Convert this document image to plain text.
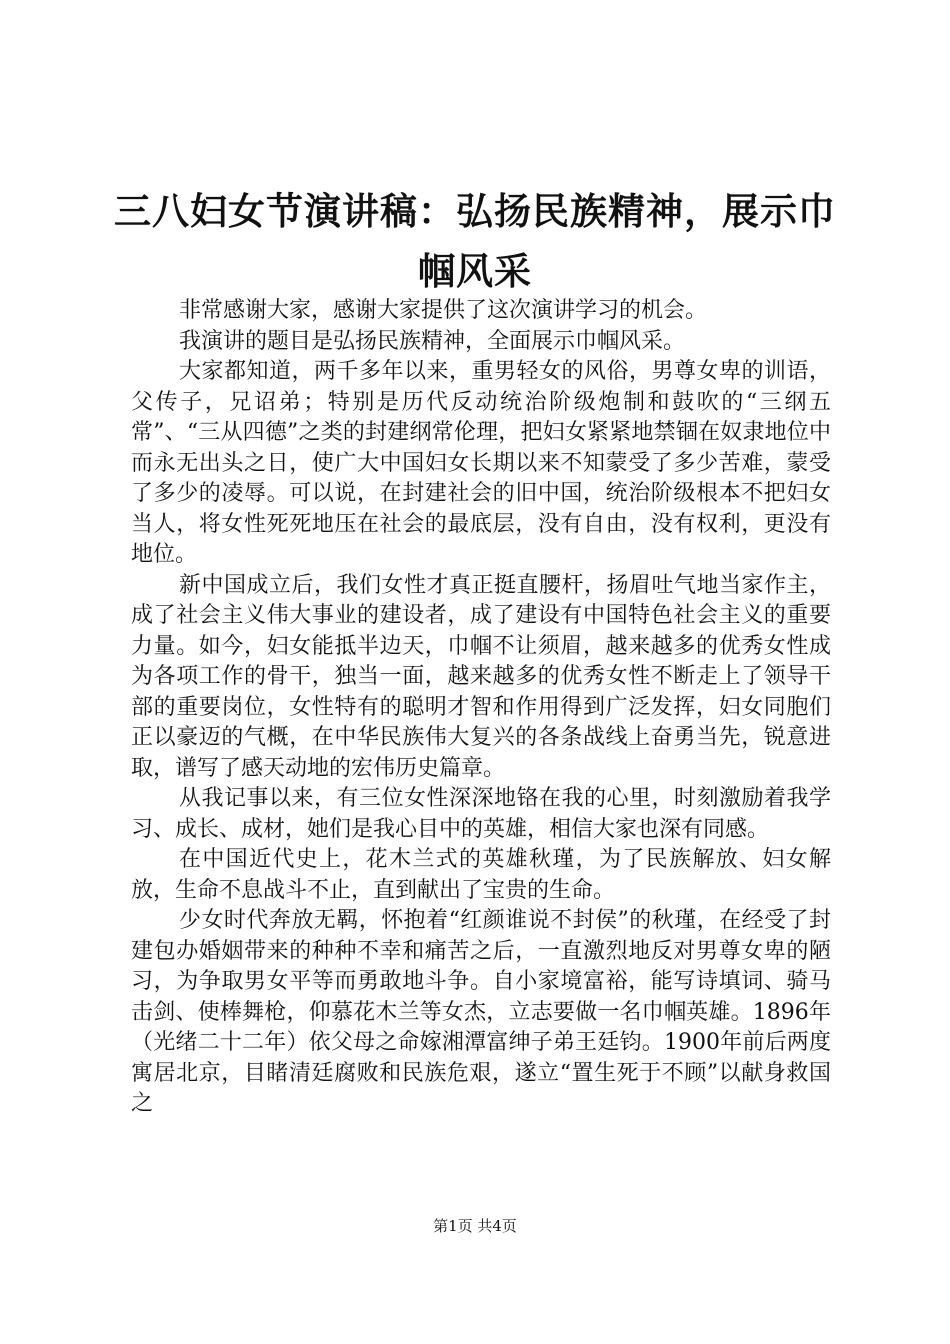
三八妇女节演讲稿：弘扬民族精神，展示巾帼风采

非常感谢大家，感谢大家提供了这次演讲学习的机会。

我演讲的题目是弘扬民族精神，全面展示巾帼风采。

大家都知道，两千多年以来，重男轻女的风俗，男尊女卑的训语，父传子，兄诏弟；特别是历代反动统治阶级炮制和鼓吹的“三纲五常”、“三从四德”之类的封建纲常伦理，把妇女紧紧地禁锢在奴隶地位中而永无出头之日，使广大中国妇女长期以来不知蒙受了多少苦难，蒙受了多少的凌辱。可以说，在封建社会的旧中国，统治阶级根本不把妇女当人，将女性死死地压在社会的最底层，没有自由，没有权利，更没有地位。

新中国成立后，我们女性才真正挺直腰杆，扬眉吐气地当家作主，成了社会主义伟大事业的建设者，成了建设有中国特色社会主义的重要力量。如今，妇女能抵半边天，巾帼不让须眉，越来越多的优秀女性成为各项工作的骨干，独当一面，越来越多的优秀女性不断走上了领导干部的重要岗位，女性特有的聪明才智和作用得到广泛发挥，妇女同胞们正以豪迈的气概，在中华民族伟大复兴的各条战线上奋勇当先，锐意进取，谱写了感天动地的宏伟历史篇章。

从我记事以来，有三位女性深深地铬在我的心里，时刻激励着我学习、成长、成材，她们是我心目中的英雄，相信大家也深有同感。

在中国近代史上，花木兰式的英雄秋瑾，为了民族解放、妇女解放，生命不息战斗不止，直到献出了宝贵的生命。

少女时代奔放无羁，怀抱着“红颜谁说不封侯”的秋瑾，在经受了封建包办婚姻带来的种种不幸和痛苦之后，一直激烈地反对男尊女卑的陋习，为争取男女平等而勇敢地斗争。自小家境富裕，能写诗填词、骑马击剑、使棒舞枪，仰慕花木兰等女杰，立志要做一名巾帼英雄。1896年（光绪二十二年）依父母之命嫁湘潭富绅子弟王廷钧。1900年前后两度寓居北京，目睹清廷腐败和民族危艰，遂立“置生死于不顾”以献身救国之

第1页 共4页
